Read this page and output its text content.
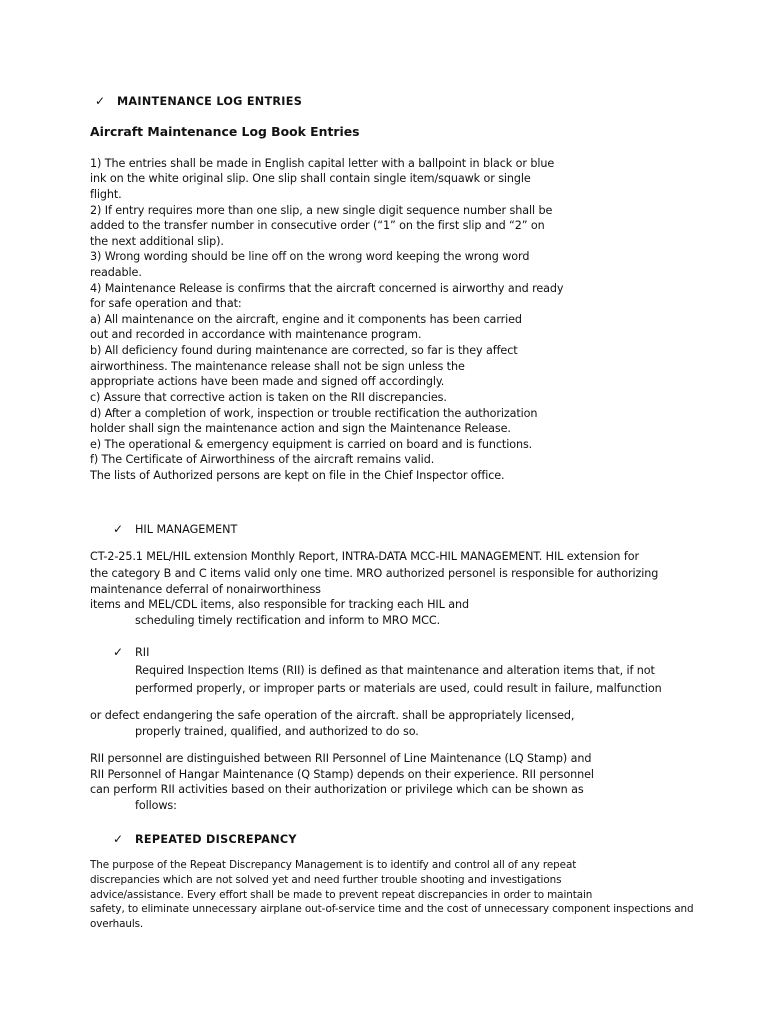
✓ MAINTENANCE LOG ENTRIES
Aircraft Maintenance Log Book Entries
1) The entries shall be made in English capital letter with a ballpoint in black or blue
ink on the white original slip. One slip shall contain single item/squawk or single
flight.
2) If entry requires more than one slip, a new single digit sequence number shall be
added to the transfer number in consecutive order (“1” on the first slip and “2” on
the next additional slip).
3) Wrong wording should be line off on the wrong word keeping the wrong word
readable.
4) Maintenance Release is confirms that the aircraft concerned is airworthy and ready
for safe operation and that:
a) All maintenance on the aircraft, engine and it components has been carried
out and recorded in accordance with maintenance program.
b) All deficiency found during maintenance are corrected, so far is they affect
airworthiness. The maintenance release shall not be sign unless the
appropriate actions have been made and signed off accordingly.
c) Assure that corrective action is taken on the RII discrepancies.
d) After a completion of work, inspection or trouble rectification the authorization
holder shall sign the maintenance action and sign the Maintenance Release.
e) The operational & emergency equipment is carried on board and is functions.
f) The Certificate of Airworthiness of the aircraft remains valid.
The lists of Authorized persons are kept on file in the Chief Inspector office.
✓ HIL MANAGEMENT
CT-2-25.1 MEL/HIL extension Monthly Report, INTRA-DATA MCC-HIL MANAGEMENT. HIL extension for
the category B and C items valid only one time. MRO authorized personel is responsible for authorizing
maintenance deferral of nonairworthiness
items and MEL/CDL items, also responsible for tracking each HIL and
scheduling timely rectification and inform to MRO MCC.
✓ RII
Required Inspection Items (RII) is defined as that maintenance and alteration items that, if not
performed properly, or improper parts or materials are used, could result in failure, malfunction
or defect endangering the safe operation of the aircraft. shall be appropriately licensed,
properly trained, qualified, and authorized to do so.
RII personnel are distinguished between RII Personnel of Line Maintenance (LQ Stamp) and
RII Personnel of Hangar Maintenance (Q Stamp) depends on their experience. RII personnel
can perform RII activities based on their authorization or privilege which can be shown as
follows:
✓ REPEATED DISCREPANCY
The purpose of the Repeat Discrepancy Management is to identify and control all of any repeat
discrepancies which are not solved yet and need further trouble shooting and investigations
advice/assistance. Every effort shall be made to prevent repeat discrepancies in order to maintain
safety, to eliminate unnecessary airplane out-of-service time and the cost of unnecessary component inspections and
overhauls.
